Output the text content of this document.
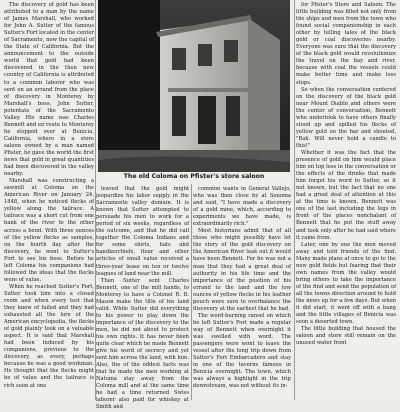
The discovery of gold has been attributed to a man by the name of James Marshall, who worked for John A. Sutter of the famous Sutter's Fort located in the center of Sacramento, now the capital of the State of California. But the announcement to the outside world that gold had been discovered in the then new country of California is attributed to a common laborer who was sent on an errand from the place of discovery in Monterey by Marshall's boss, John Sutter, potentate of the Sacramento Valley. His name was Charles Bennett and en route to Monterey he stopped over at Benicia, California, where in a store saloon owned by a man named Pfister, he gave the world the first news that gold in great quantities had been discovered in the valley nearby.

Marshall was constructing a sawmill at Coloma on the American River on January 24, 1848, when he noticed flecks of yellow along the tailrace. A tailrace was a short cut from one bank of the river to the other across a bend. With three ounces of the yellow flecks as samples, on the fourth day after the discovery, he went to Sutter's Fort to see his boss. Before he left Coloma his companions had followed the ideas that the flecks were of value.

When he reached Sutter's Fort, Sutter took him into a closed room and when every test that they knew of failed and they had exhausted all the lore of the American encyclopedia, the flecks of gold plainly took on a valuable aspect. It is said that Marshall had been induced by his companions, previous to the discovery, as every, perhaps because he was a good workman. He thought that the flecks might be of value and the tailrace is rich soon at one

The old Coloma on Pfister's store saloon

leaved that the gold might jeopardize his labor supply in the Sacramento valley domain. It is known that Sutter attempted to persuade his men to work for a period of six weeks, regardless of the outcome, and that he did call together the Coloma Indians and for some shirts, hats and handkerchiefs, flour and other articles of small value received a three-year lease on ten or twelve leagues of land near the mill.

Then Sutter sent Charles Bennett, one of the mill hands, to Monterey to have a Colonel R. B. Mason make the title of his land valid. While Sutter did everything to his power to play down the importance of the discovery to the men, he did not about to protect his own rights. It has never been quite clear which he made Bennett give his word of secrecy and yet sent him across the land, with him. Also, the of the oddest facts was that he made the men working at Natoma stay away from the Coloma mill and at the same time he had a time returned Swiss laborer also paid for whiskey at Smith and

common wants in General Vallejo, who was then close by at Sonoma and said, "I have made a discovery of a gold mine, which, according to experiments we have made, is extraordinarily rich."

Most historians admit that of all those who might possibly have let the story of the gold discovery on the American River leak out it would have been Bennett. For he was not a man that they had a great deal of authority in his life time and the importance of the position of his errand to the land and the low ounces of yellow flecks in his leather pouch were sure to overbalance the discovery at the earliest that he had.

The word-burning ransel on which he left Sutter's Fort made a regular way of Bennett when overnight it was swelled with word. The passengers were wont to leave the vessel after the long trip down from Sutter's Fort Embarcadero and stay in one of the taverns famous in Benicia overnight. The town, which was always a highlight in the trip downstream, was not without its in-

for Pfister's Store and Saloon. The little building was filled not only from the ships and men from the town who found social companionship in each other by telling tales of the black gold or coal discoveries nearby. Everyone was sure that the discovery of the black gold would revolutionize the travel on the bay and river, because with coal the vessels could make better time and make less stops.

So when the conversation centered on the discovery of the black gold near Mount Diablo and others were the center of conversation, Bennett who undertook to have others finally stood up and spilled his flecks of yellow gold on the bar and shouted, "Bah. Will never hold a candle to this!"

Whether it was the fact that the presence of gold on him would place him on top less in the conversation or the effects of the drinks that made him forget his word to Sutter, so it not known, but the fact that no one had a great deal of attention at this at the time is known. Bennett was one of the last including the legs in front of the places nonchalant of Bennett that he put the stuff away and took only after he had said where it came from.

Later, one by one the men moved away and told friends of the find. Many made plans at once to go to the new gold fields but fearing that their own names from the valley would bring others to take the importance of the find and send the population of all the towns direction around to hold the news up for a few days. But when it did start, it went off with a bang and the little villages of Benicia was soon a deserted town.

The little building that housed the saloon and store still remain on the unused water front
